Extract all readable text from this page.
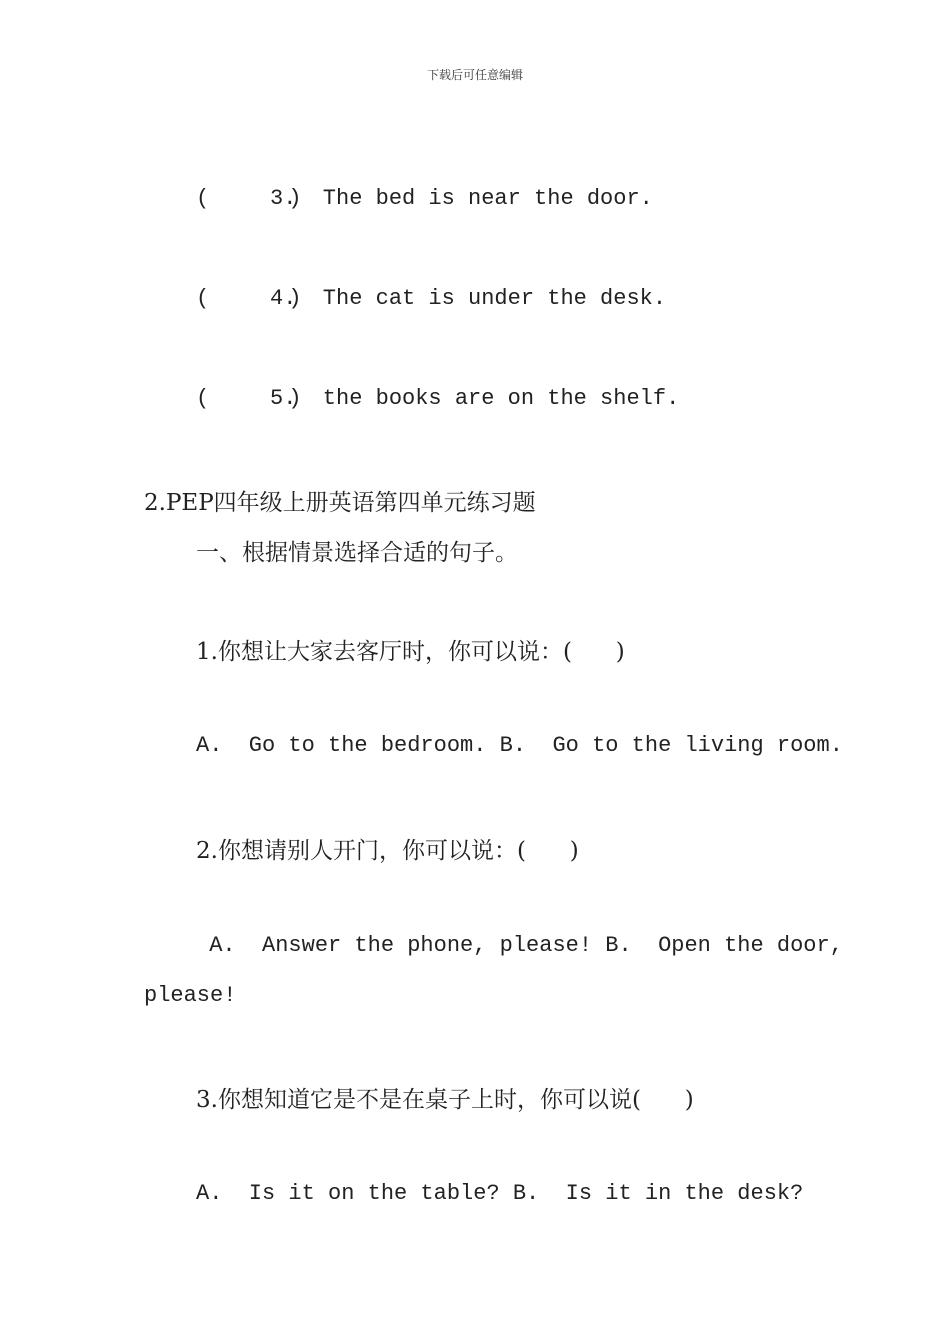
下载后可任意编辑
(      )
3.  The bed is near the door.
(      )
4.  The cat is under the desk.
(      )
5.  the books are on the shelf.
2.PEP四年级上册英语第四单元练习题
一、根据情景选择合适的句子。
1.你想让大家去客厅时，你可以说：(      )
A.  Go to the bedroom. B.  Go to the living room.
2.你想请别人开门，你可以说：(      )
A.  Answer the phone, please! B.  Open the door,
please!
3.你想知道它是不是在桌子上时，你可以说(      )
A.  Is it on the table? B.  Is it in the desk?
